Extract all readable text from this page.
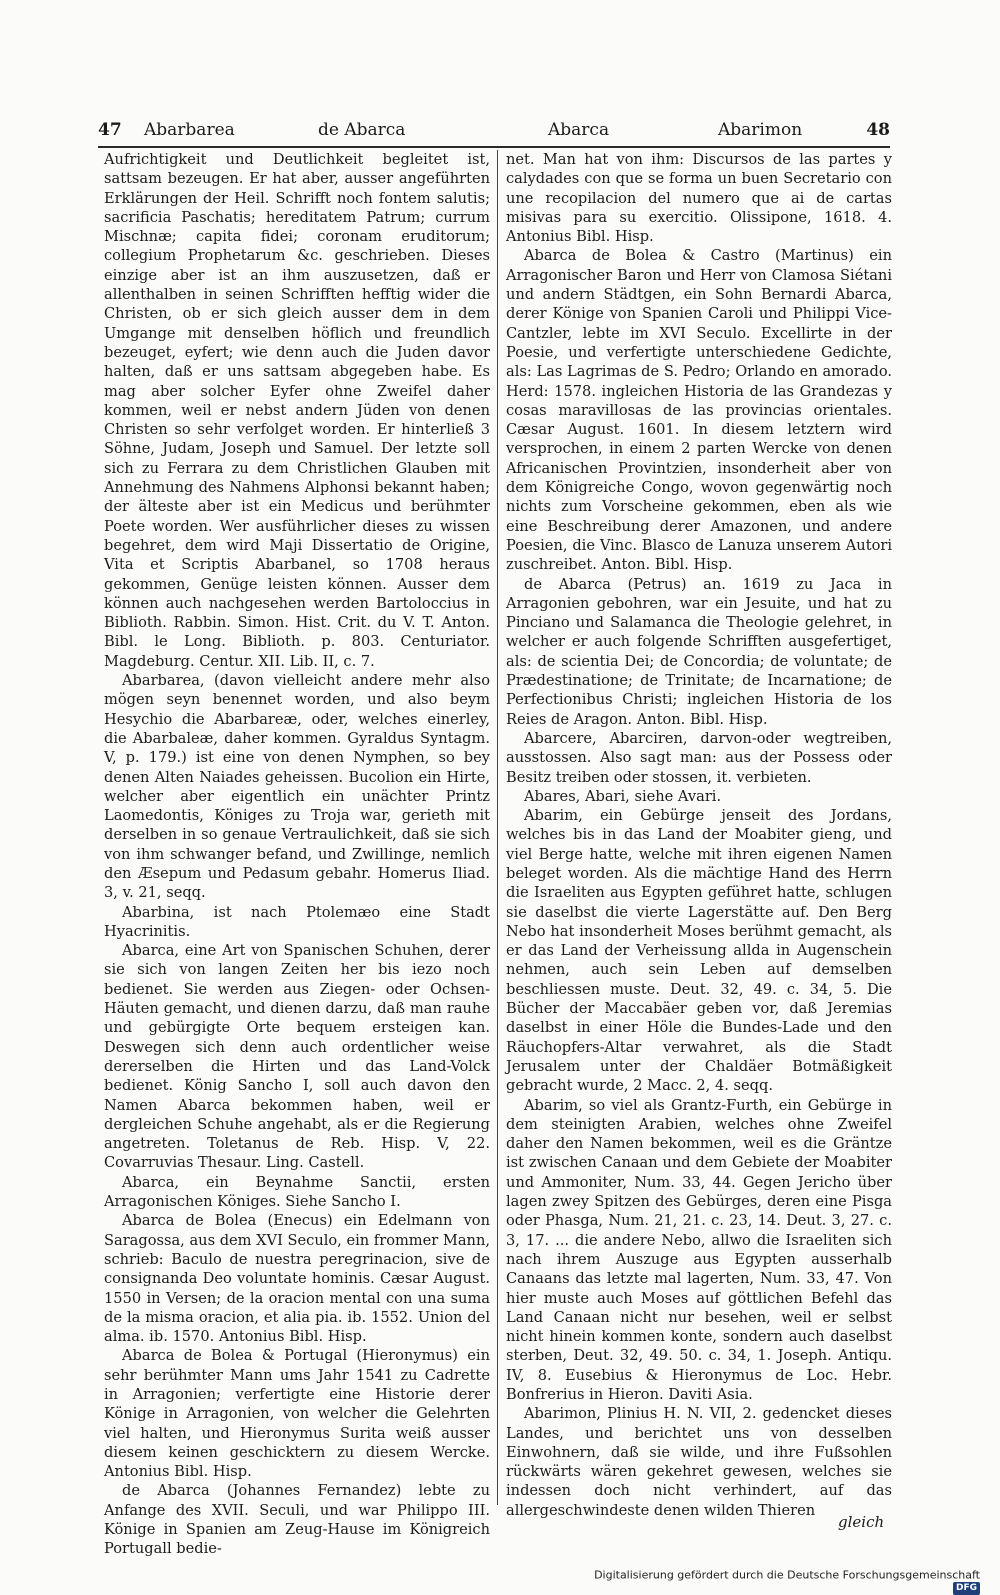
47 Abarbarea	de Abarca	Abarca	Abarimon	48

Aufrichtigkeit und Deutlichkeit begleitet ist, sattsam bezeugen. Er hat aber, ausser angeführten Erklärungen der Heil. Schrifft noch fontem salutis; sacrificia Paschatis; hereditatem Patrum; currum Mischnæ; capita fidei; coronam eruditorum; collegium Prophetarum &c. geschrieben. Dieses einzige aber ist an ihm auszusetzen, daß er allenthalben in seinen Schrifften hefftig wider die Christen, ob er sich gleich ausser dem in dem Umgange mit denselben höflich und freundlich bezeuget, eyfert; wie denn auch die Juden davor halten, daß er uns sattsam abgegeben habe. Es mag aber solcher Eyfer ohne Zweifel daher kommen, weil er nebst andern Jüden von denen Christen so sehr verfolget worden. Er hinterließ 3 Söhne, Judam, Joseph und Samuel. Der letzte soll sich zu Ferrara zu dem Christlichen Glauben mit Annehmung des Nahmens Alphonsi bekannt haben; der älteste aber ist ein Medicus und berühmter Poete worden. Wer ausführlicher dieses zu wissen begehret, dem wird Maji Dissertatio de Origine, Vita et Scriptis Abarbanel, so 1708 heraus gekommen, Genüge leisten können. Ausser dem können auch nachgesehen werden Bartoloccius in Biblioth. Rabbin. Simon. Hist. Crit. du V. T. Anton. Bibl. le Long. Biblioth. p. 803. Centuriator. Magdeburg. Centur. XII. Lib. II, c. 7.

Abarbarea, (davon vielleicht andere mehr also mögen seyn benennet worden, und also beym Hesychio die Abarbareæ, oder, welches einerley, die Abarbaleæ, daher kommen. Gyraldus Syntagm. V, p. 179.) ist eine von denen Nymphen, so bey denen Alten Naiades geheissen. Bucolion ein Hirte, welcher aber eigentlich ein unächter Printz Laomedontis, Königes zu Troja war, gerieth mit derselben in so genaue Vertraulichkeit, daß sie sich von ihm schwanger befand, und Zwillinge, nemlich den Æsepum und Pedasum gebahr. Homerus Iliad. 3, v. 21, seqq.

Abarbina, ist nach Ptolemæo eine Stadt Hyacrinitis.

Abarca, eine Art von Spanischen Schuhen, derer sie sich von langen Zeiten her bis iezo noch bedienet. Sie werden aus Ziegen- oder Ochsen-Häuten gemacht, und dienen darzu, daß man rauhe und gebürgigte Orte bequem ersteigen kan. Deswegen sich denn auch ordentlicher weise dererselben die Hirten und das Land-Volck bedienet. König Sancho I, soll auch davon den Namen Abarca bekommen haben, weil er dergleichen Schuhe angehabt, als er die Regierung angetreten. Toletanus de Reb. Hisp. V, 22. Covarruvias Thesaur. Ling. Castell.

Abarca, ein Beynahme Sanctii, ersten Arragonischen Königes. Siehe Sancho I.

Abarca de Bolea (Enecus) ein Edelmann von Saragossa, aus dem XVI Seculo, ein frommer Mann, schrieb: Baculo de nuestra peregrinacion, sive de consignanda Deo voluntate hominis. Cæsar August. 1550 in Versen; de la oracion mental con una suma de la misma oracion, et alia pia. ib. 1552. Union del alma. ib. 1570. Antonius Bibl. Hisp.

Abarca de Bolea & Portugal (Hieronymus) ein sehr berühmter Mann ums Jahr 1541 zu Cadrette in Arragonien; verfertigte eine Historie derer Könige in Arragonien, von welcher die Gelehrten viel halten, und Hieronymus Surita weiß ausser diesem keinen geschicktern zu diesem Wercke. Antonius Bibl. Hisp.

de Abarca (Johannes Fernandez) lebte zu Anfange des XVII. Seculi, und war Philippo III. Könige in Spanien am Zeug-Hause im Königreich Portugall bedie-

net. Man hat von ihm: Discursos de las partes y calydades con que se forma un buen Secretario con une recopilacion del numero que ai de cartas misivas para su exercitio. Olissipone, 1618. 4. Antonius Bibl. Hisp.

Abarca de Bolea & Castro (Martinus) ein Arragonischer Baron und Herr von Clamosa Siétani und andern Städtgen, ein Sohn Bernardi Abarca, derer Könige von Spanien Caroli und Philippi Vice-Cantzler, lebte im XVI Seculo. Excellirte in der Poesie, und verfertigte unterschiedene Gedichte, als: Las Lagrimas de S. Pedro; Orlando en amorado. Herd: 1578. ingleichen Historia de las Grandezas y cosas maravillosas de las provincias orientales. Cæsar August. 1601. In diesem letztern wird versprochen, in einem 2 parten Wercke von denen Africanischen Provintzien, insonderheit aber von dem Königreiche Congo, wovon gegenwärtig noch nichts zum Vorscheine gekommen, eben als wie eine Beschreibung derer Amazonen, und andere Poesien, die Vinc. Blasco de Lanuza unserem Autori zuschreibet. Anton. Bibl. Hisp.

de Abarca (Petrus) an. 1619 zu Jaca in Arragonien gebohren, war ein Jesuite, und hat zu Pinciano und Salamanca die Theologie gelehret, in welcher er auch folgende Schrifften ausgefertiget, als: de scientia Dei; de Concordia; de voluntate; de Prædestinatione; de Trinitate; de Incarnatione; de Perfectionibus Christi; ingleichen Historia de los Reies de Aragon. Anton. Bibl. Hisp.

Abarcere, Abarciren, darvon-oder wegtreiben, ausstossen. Also sagt man: aus der Possess oder Besitz treiben oder stossen, it. verbieten.

Abares, Abari, siehe Avari.

Abarim, ein Gebürge jenseit des Jordans, welches bis in das Land der Moabiter gieng, und viel Berge hatte, welche mit ihren eigenen Namen beleget worden. Als die mächtige Hand des Herrn die Israeliten aus Egypten geführet hatte, schlugen sie daselbst die vierte Lagerstätte auf. Den Berg Nebo hat insonderheit Moses berühmt gemacht, als er das Land der Verheissung allda in Augenschein nehmen, auch sein Leben auf demselben beschliessen muste. Deut. 32, 49. c. 34, 5. Die Bücher der Maccabäer geben vor, daß Jeremias daselbst in einer Höle die Bundes-Lade und den Räuchopfers-Altar verwahret, als die Stadt Jerusalem unter der Chaldäer Botmäßigkeit gebracht wurde, 2 Macc. 2, 4. seqq.

Abarim, so viel als Grantz-Furth, ein Gebürge in dem steinigten Arabien, welches ohne Zweifel daher den Namen bekommen, weil es die Gräntze ist zwischen Canaan und dem Gebiete der Moabiter und Ammoniter, Num. 33, 44. Gegen Jericho über lagen zwey Spitzen des Gebürges, deren eine Pisga oder Phasga, Num. 21, 21. c. 23, 14. Deut. 3, 27. c. 3, 17. ... die andere Nebo, allwo die Israeliten sich nach ihrem Auszuge aus Egypten ausserhalb Canaans das letzte mal lagerten, Num. 33, 47. Von hier muste auch Moses auf göttlichen Befehl das Land Canaan nicht nur besehen, weil er selbst nicht hinein kommen konte, sondern auch daselbst sterben, Deut. 32, 49. 50. c. 34, 1. Joseph. Antiqu. IV, 8. Eusebius & Hieronymus de Loc. Hebr. Bonfrerius in Hieron. Daviti Asia.

Abarimon, Plinius H. N. VII, 2. gedencket dieses Landes, und berichtet uns von desselben Einwohnern, daß sie wilde, und ihre Fußsohlen rückwärts wären gekehret gewesen, welches sie indessen doch nicht verhindert, auf das allergeschwindeste denen wilden Thieren

gleich
Digitalisierung gefördert durch die Deutsche Forschungsgemeinschaft DFG
